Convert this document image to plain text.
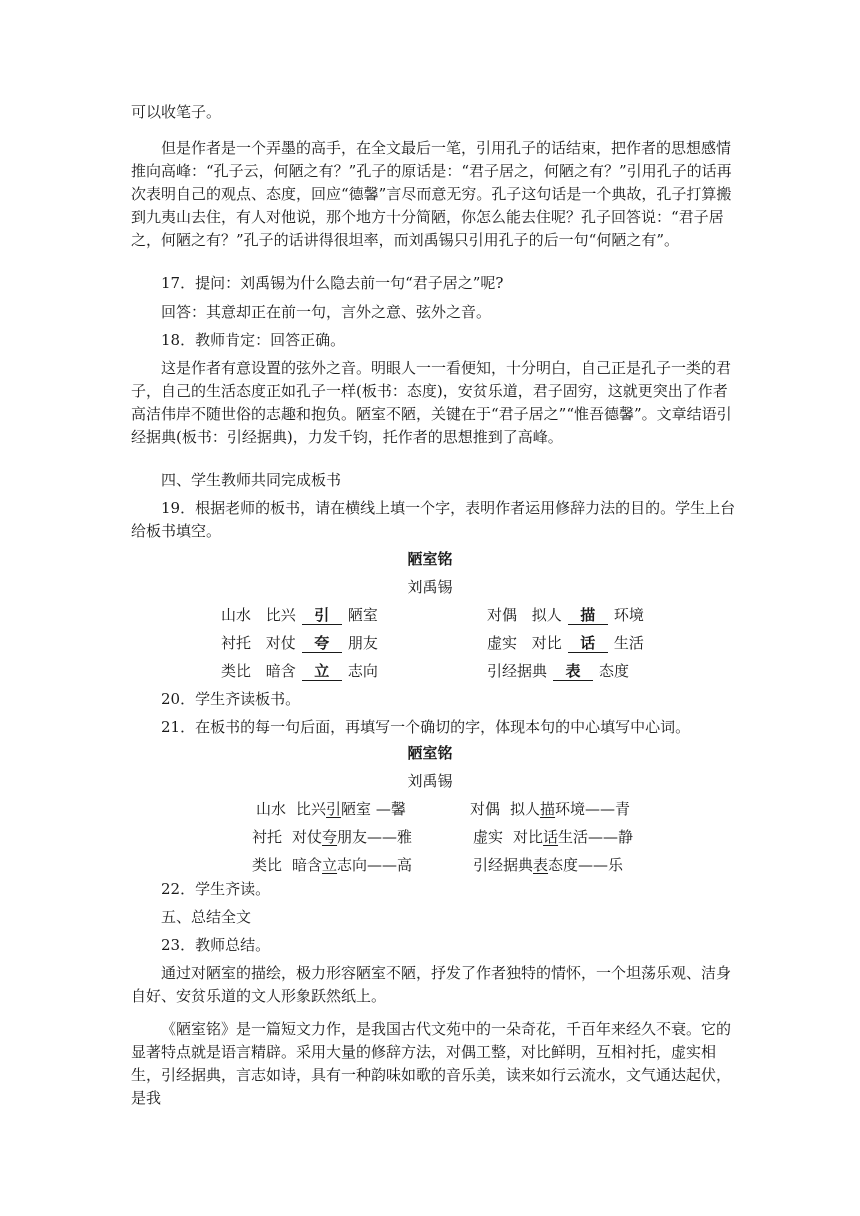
可以收笔子。

但是作者是一个弄墨的高手，在全文最后一笔，引用孔子的话结束，把作者的思想感情推向高峰：“孔子云，何陋之有？”孔子的原话是：“君子居之，何陋之有？”引用孔子的话再次表明自己的观点、态度，回应“德馨”言尽而意无穷。孔子这句话是一个典故，孔子打算搬到九夷山去住，有人对他说，那个地方十分简陋，你怎么能去住呢？孔子回答说：“君子居之，何陋之有？”孔子的话讲得很坦率，而刘禹锡只引用孔子的后一句“何陋之有”。

17．提问：刘禹锡为什么隐去前一句“君子居之”呢?

回答：其意却正在前一句，言外之意、弦外之音。

18．教师肯定：回答正确。

这是作者有意设置的弦外之音。明眼人一一看便知，十分明白，自己正是孔子一类的君子，自己的生活态度正如孔子一样(板书：态度)，安贫乐道，君子固穷，这就更突出了作者高洁伟岸不随世俗的志趣和抱负。陋室不陋，关键在于“君子居之”“惟吾德馨”。文章结语引经据典(板书：引经据典)，力发千钧，托作者的思想推到了高峰。

四、学生教师共同完成板书

19．根据老师的板书，请在横线上填一个字，表明作者运用修辞力法的目的。学生上台给板书填空。

陋室铭
刘禹锡
山水 比兴 引 陋室
衬托 对仗 夸 朋友
类比 暗含 立 志向
对偶 拟人 描 环境
虚实 对比 话 生活
引经据典 表 态度

20．学生齐读板书。

21．在板书的每一句后面，再填写一个确切的字，体现本句的中心填写中心词。

陋室铭
刘禹锡
山水 比兴引陋室 —馨
衬托 对仗夸朋友——雅
类比 暗含立志向——高
对偶 拟人描环境——青
虚实 对比话生活——静
引经据典表态度——乐

22．学生齐读。

五、总结全文

23．教师总结。

通过对陋室的描绘，极力形容陋室不陋，抒发了作者独特的情怀，一个坦荡乐观、洁身自好、安贫乐道的文人形象跃然纸上。

《陋室铭》是一篇短文力作，是我国古代文苑中的一朵奇花，千百年来经久不衰。它的显著特点就是语言精辟。采用大量的修辞方法，对偶工整，对比鲜明，互相衬托，虚实相生，引经据典，言志如诗，具有一种韵味如歌的音乐美，读来如行云流水，文气通达起伏，是我
